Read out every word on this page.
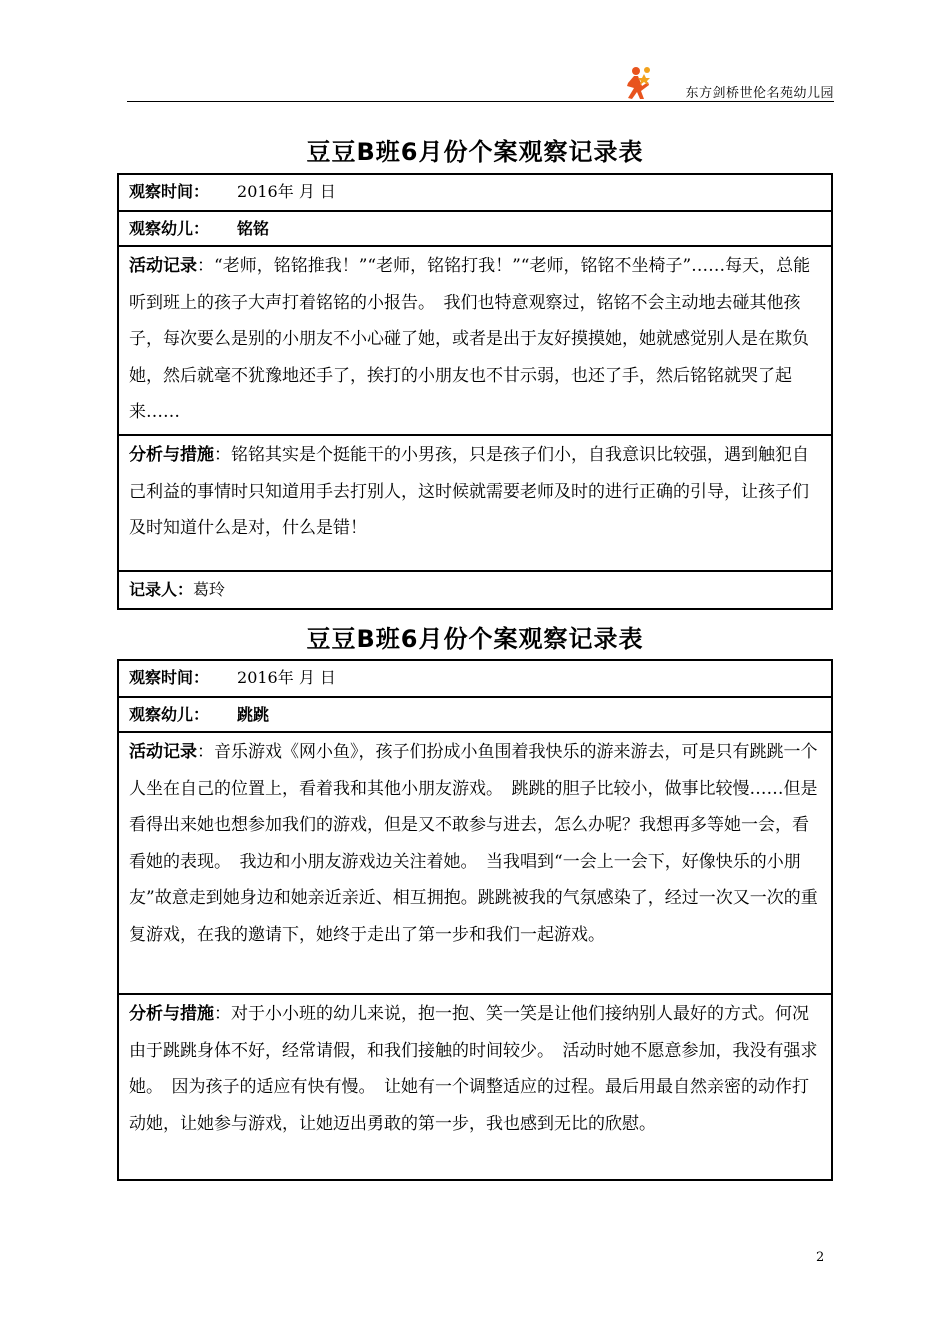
东方剑桥世伦名苑幼儿园
豆豆B班6月份个案观察记录表
观察时间： 2016年 月 日
观察幼儿： 铭铭
活动记录：“老师，铭铭推我！”“老师，铭铭打我！”“老师，铭铭不坐椅子”……每天，总能听到班上的孩子大声打着铭铭的小报告。　我们也特意观察过，铭铭不会主动地去碰其他孩子，每次要么是别的小朋友不小心碰了她，或者是出于友好摸摸她，她就感觉别人是在欺负她，然后就毫不犹豫地还手了，挨打的小朋友也不甘示弱，也还了手，然后铭铭就哭了起来……
分析与措施：铭铭其实是个挺能干的小男孩，只是孩子们小，自我意识比较强，遇到触犯自己利益的事情时只知道用手去打别人，这时候就需要老师及时的进行正确的引导，让孩子们及时知道什么是对，什么是错！
记录人：葛玲
豆豆B班6月份个案观察记录表
观察时间： 2016年 月 日
观察幼儿： 跳跳
活动记录：音乐游戏《网小鱼》，孩子们扮成小鱼围着我快乐的游来游去，可是只有跳跳一个人坐在自己的位置上，看着我和其他小朋友游戏。　跳跳的胆子比较小，做事比较慢……但是看得出来她也想参加我们的游戏，但是又不敢参与进去，怎么办呢？我想再多等她一会，看看她的表现。　我边和小朋友游戏边关注着她。　当我唱到“一会上一会下，好像快乐的小朋友”故意走到她身边和她亲近亲近、相互拥抱。跳跳被我的气氛感染了，经过一次又一次的重复游戏，在我的邀请下，她终于走出了第一步和我们一起游戏。
分析与措施：对于小小班的幼儿来说，抱一抱、笑一笑是让他们接纳别人最好的方式。何况由于跳跳身体不好，经常请假，和我们接触的时间较少。　活动时她不愿意参加，我没有强求她。　因为孩子的适应有快有慢。　让她有一个调整适应的过程。最后用最自然亲密的动作打动她，让她参与游戏，让她迈出勇敢的第一步，我也感到无比的欣慰。
2
